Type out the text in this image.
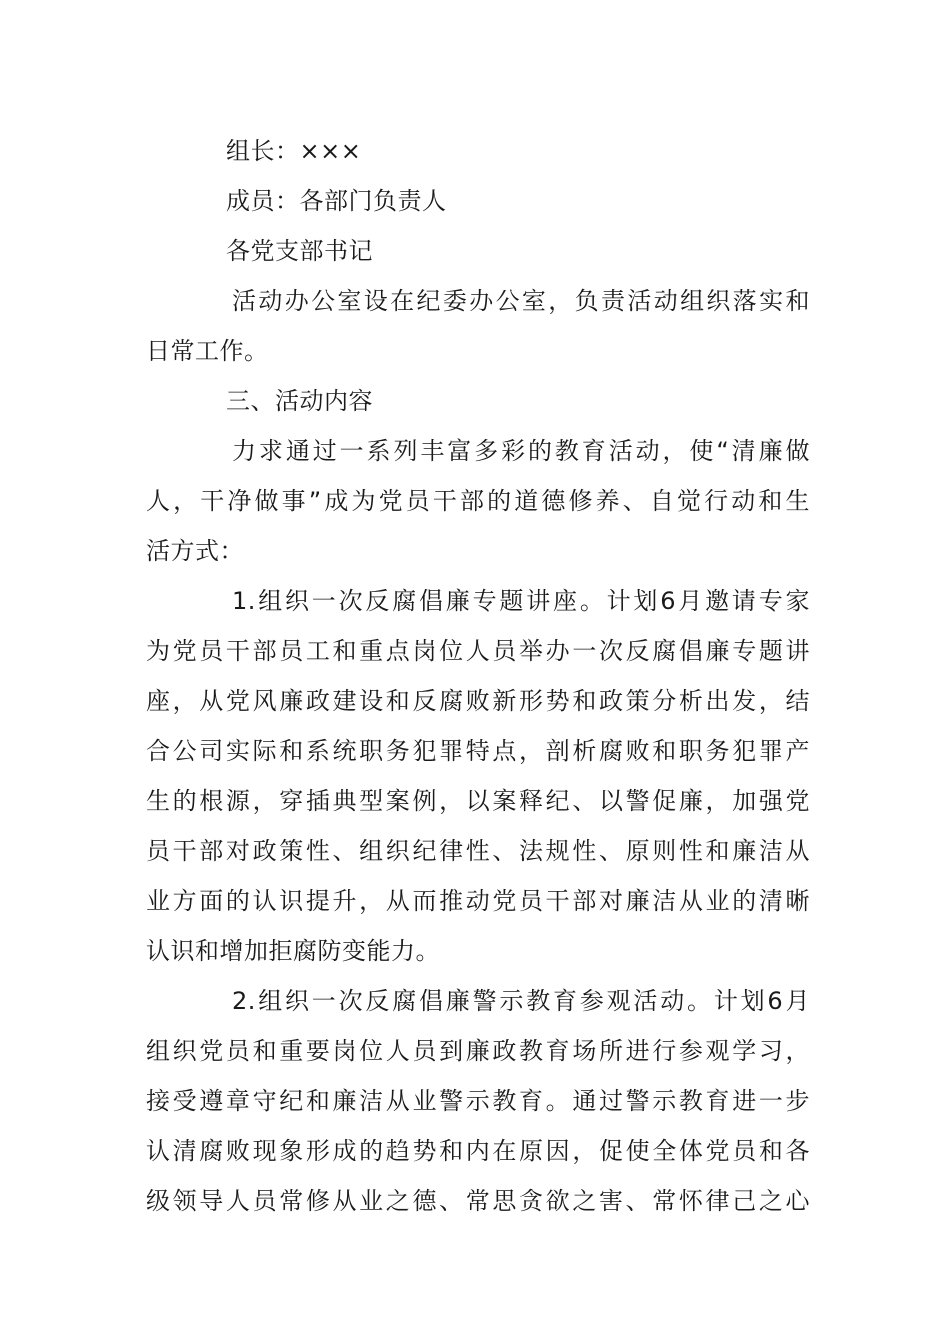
组长：×××
成员：各部门负责人
各党支部书记
活动办公室设在纪委办公室，负责活动组织落实和
日常工作。
三、活动内容
力求通过一系列丰富多彩的教育活动，使“清廉做
人，干净做事”成为党员干部的道德修养、自觉行动和生
活方式：
1.组织一次反腐倡廉专题讲座。计划6月邀请专家
为党员干部员工和重点岗位人员举办一次反腐倡廉专题讲
座，从党风廉政建设和反腐败新形势和政策分析出发，结
合公司实际和系统职务犯罪特点，剖析腐败和职务犯罪产
生的根源，穿插典型案例，以案释纪、以警促廉，加强党
员干部对政策性、组织纪律性、法规性、原则性和廉洁从
业方面的认识提升，从而推动党员干部对廉洁从业的清晰
认识和增加拒腐防变能力。
2.组织一次反腐倡廉警示教育参观活动。计划6月
组织党员和重要岗位人员到廉政教育场所进行参观学习，
接受遵章守纪和廉洁从业警示教育。通过警示教育进一步
认清腐败现象形成的趋势和内在原因，促使全体党员和各
级领导人员常修从业之德、常思贪欲之害、常怀律己之心
